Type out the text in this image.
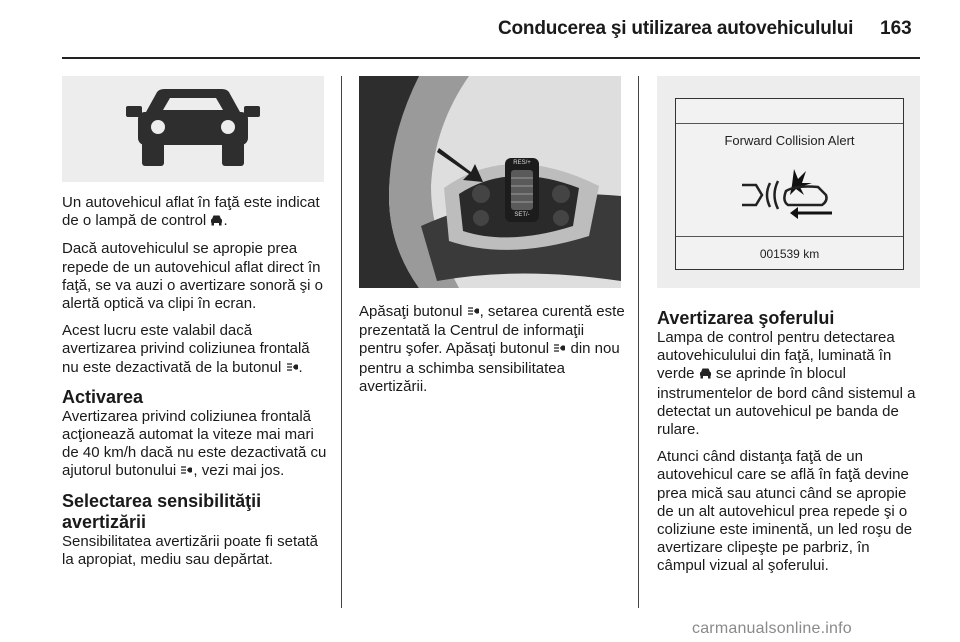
Conducerea şi utilizarea autovehiculului 163
RES/+
SET/-
Forward Collision Alert
001539 km

Un autovehicul aflat în faţă este indicat de o lampă de control .

Dacă autovehiculul se apropie prea repede de un autovehicul aflat direct în faţă, se va auzi o avertizare sonoră şi o alertă optică va clipi în ecran.

Acest lucru este valabil dacă avertizarea privind coliziunea frontală nu este dezactivată de la butonul .

Activarea

Avertizarea privind coliziunea frontală acţionează automat la viteze mai mari de 40 km/h dacă nu este dezactivată cu ajutorul butonului , vezi mai jos.

Selectarea sensibilităţii avertizării

Sensibilitatea avertizării poate fi setată la apropiat, mediu sau depărtat.

Apăsaţi butonul , setarea curentă este prezentată la Centrul de informaţii pentru şofer. Apăsaţi butonul  din nou pentru a schimba sensibilitatea avertizării.

Avertizarea şoferului

Lampa de control pentru detectarea autovehiculului din faţă, luminată în verde  se aprinde în blocul instrumentelor de bord când sistemul a detectat un autovehicul pe banda de rulare.

Atunci când distanţa faţă de un autovehicul care se află în faţă devine prea mică sau atunci când se apropie de un alt autovehicul prea repede şi o coliziune este iminentă, un led roşu de avertizare clipeşte pe parbriz, în câmpul vizual al şoferului.

carmanualsonline.info
